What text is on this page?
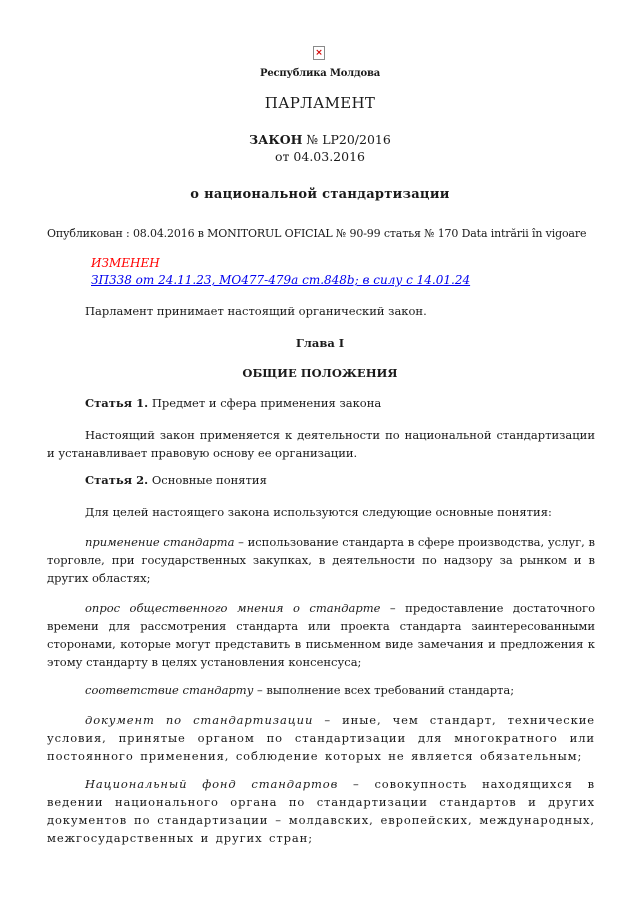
×
Республика Молдова
ПАРЛАМЕНТ
ЗАКОН № LP20/2016
от 04.03.2016
о национальной стандартизации
Опубликован : 08.04.2016 в MONITORUL OFICIAL № 90-99 статья № 170 Data intrării în vigoare
ИЗМЕНЕН
ЗП338 от 24.11.23, MO477-479a ст.848b; в силу с 14.01.24
Парламент принимает настоящий органический закон.
Глава I
ОБЩИЕ ПОЛОЖЕНИЯ
Статья 1. Предмет и сфера применения закона
Настоящий закон применяется к деятельности по национальной стандартизации и устанавливает правовую основу ее организации.
Статья 2. Основные понятия
Для целей настоящего закона используются следующие основные понятия:
применение стандарта – использование стандарта в сфере производства, услуг, в торговле, при государственных закупках, в деятельности по надзору за рынком и в других областях;
опрос общественного мнения о стандарте – предоставление достаточного времени для рассмотрения стандарта или проекта стандарта заинтересованными сторонами, которые могут представить в письменном виде замечания и предложения к этому стандарту в целях установления консенсуса;
соответствие стандарту – выполнение всех требований стандарта;
документ по стандартизации – иные, чем стандарт, технические условия, принятые органом по стандартизации для многократного или постоянного применения, соблюдение которых не является обязательным;
Национальный фонд стандартов – совокупность находящихся в ведении национального органа по стандартизации стандартов и других документов по стандартизации – молдавских, европейских, международных, межгосударственных и других стран;
